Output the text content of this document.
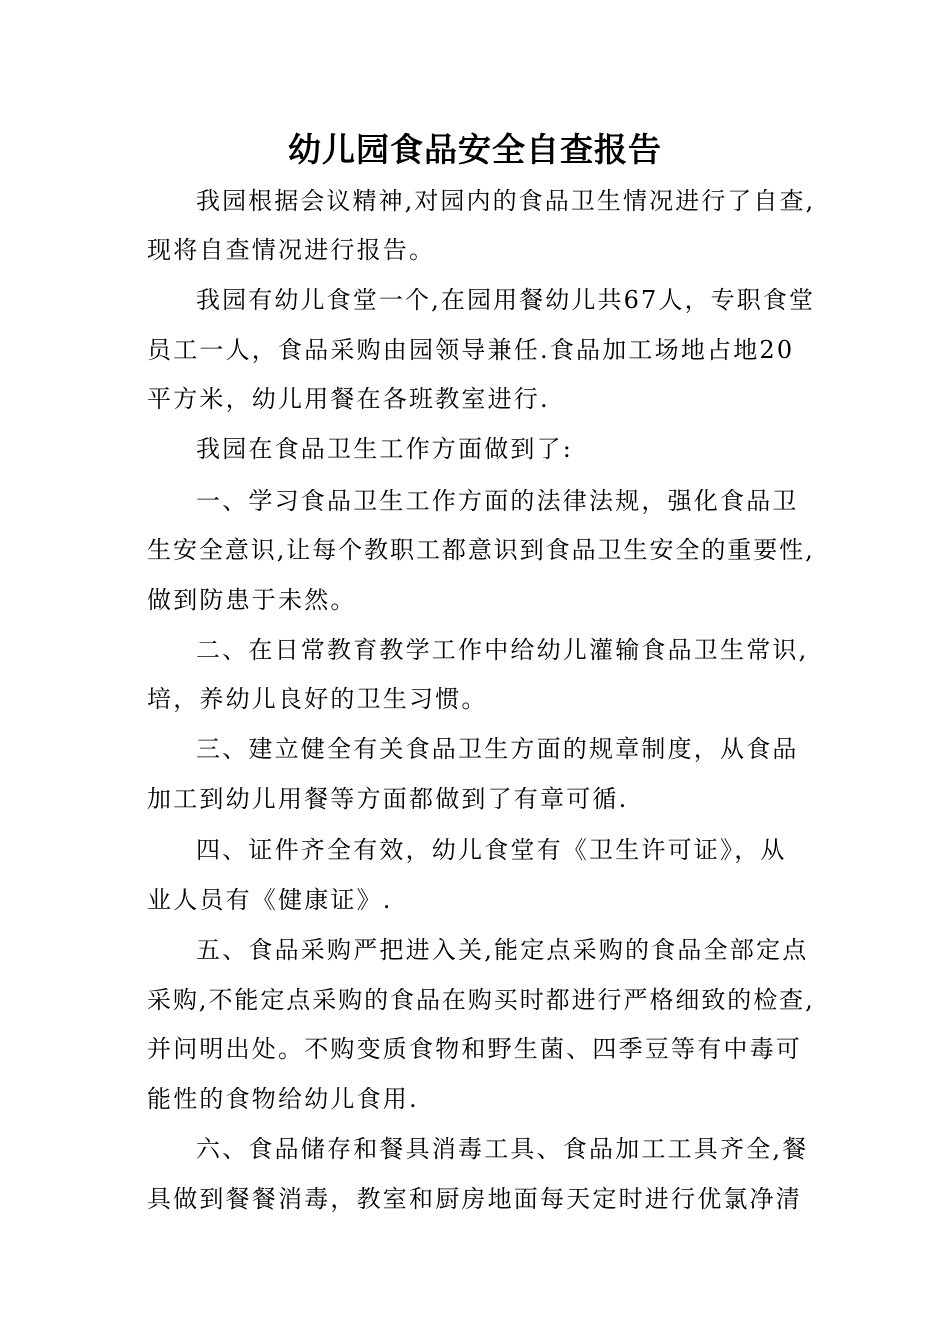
幼儿园食品安全自查报告
我园根据会议精神,对园内的食品卫生情况进行了自查,
现将自查情况进行报告。
我园有幼儿食堂一个,在园用餐幼儿共67人，专职食堂
员工一人，食品采购由园领导兼任.食品加工场地占地20
平方米，幼儿用餐在各班教室进行.
我园在食品卫生工作方面做到了:
一、学习食品卫生工作方面的法律法规，强化食品卫
生安全意识,让每个教职工都意识到食品卫生安全的重要性,
做到防患于未然。
二、在日常教育教学工作中给幼儿灌输食品卫生常识,
培，养幼儿良好的卫生习惯。
三、建立健全有关食品卫生方面的规章制度，从食品
加工到幼儿用餐等方面都做到了有章可循.
四、证件齐全有效，幼儿食堂有《卫生许可证》，从
业人员有《健康证》.
五、食品采购严把进入关,能定点采购的食品全部定点
采购,不能定点采购的食品在购买时都进行严格细致的检查,
并问明出处。不购变质食物和野生菌、四季豆等有中毒可
能性的食物给幼儿食用.
六、食品储存和餐具消毒工具、食品加工工具齐全,餐
具做到餐餐消毒，教室和厨房地面每天定时进行优氯净清
